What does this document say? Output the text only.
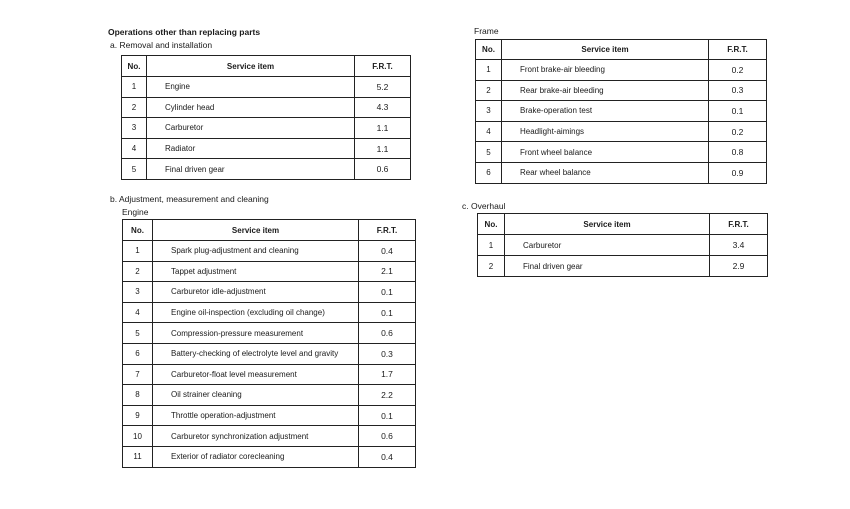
Operations other than replacing parts
a. Removal and installation
No.	Service item	F.R.T.
1	Engine	5.2
2	Cylinder head	4.3
3	Carburetor	1.1
4	Radiator	1.1
5	Final driven gear	0.6
b. Adjustment, measurement and cleaning
Engine
No.	Service item	F.R.T.
1	Spark plug-adjustment and cleaning	0.4
2	Tappet adjustment	2.1
3	Carburetor idle-adjustment	0.1
4	Engine oil-inspection (excluding oil change)	0.1
5	Compression-pressure measurement	0.6
6	Battery-checking of electrolyte level and gravity	0.3
7	Carburetor-float level measurement	1.7
8	Oil strainer cleaning	2.2
9	Throttle operation-adjustment	0.1
10	Carburetor synchronization adjustment	0.6
11	Exterior of radiator corecleaning	0.4
Frame
No.	Service item	F.R.T.
1	Front brake-air bleeding	0.2
2	Rear brake-air bleeding	0.3
3	Brake-operation test	0.1
4	Headlight-aimings	0.2
5	Front wheel balance	0.8
6	Rear wheel balance	0.9
c. Overhaul
No.	Service item	F.R.T.
1	Carburetor	3.4
2	Final driven gear	2.9
